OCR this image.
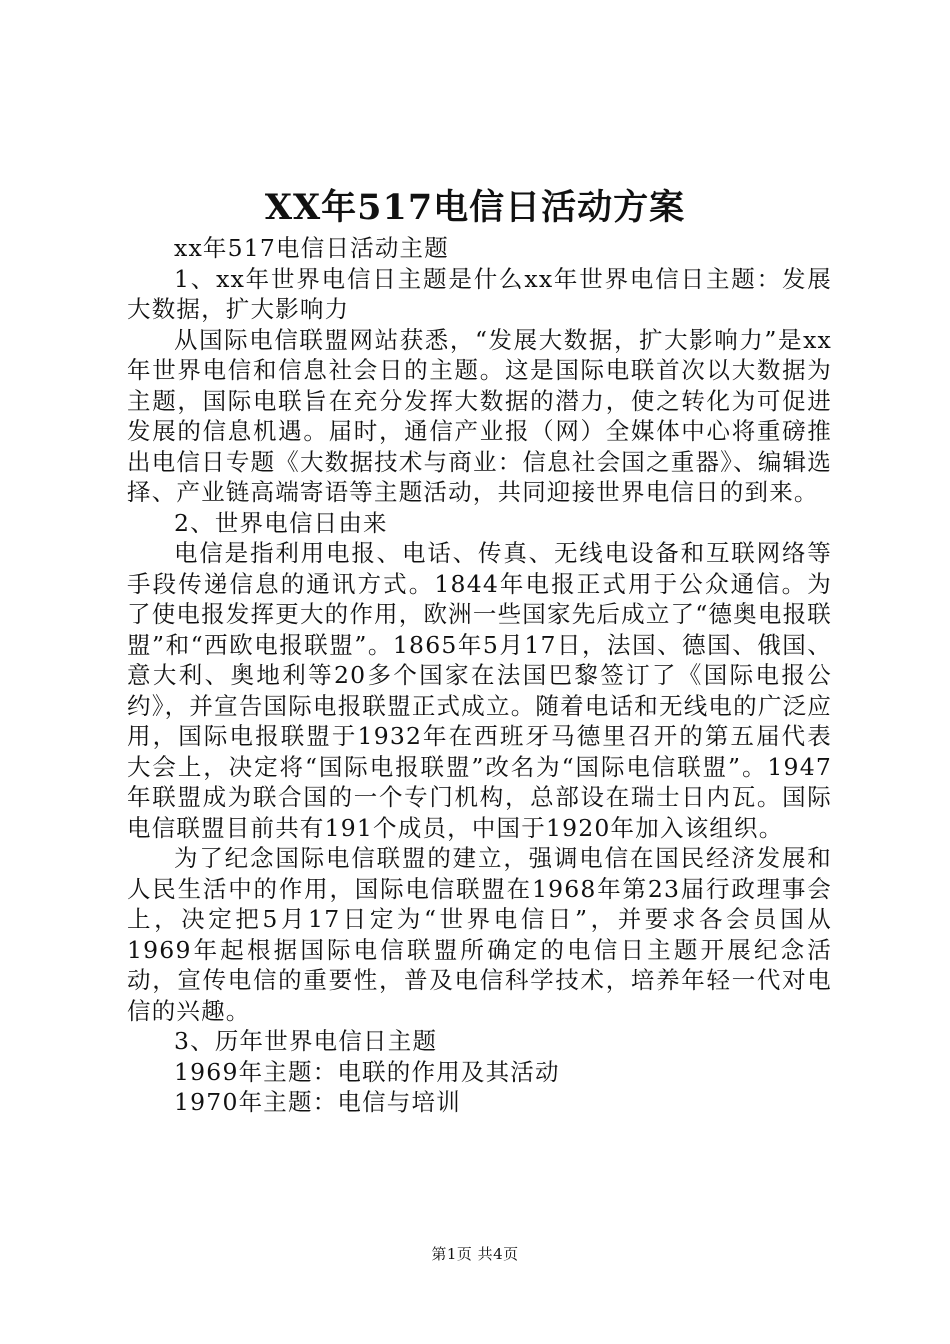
XX年517电信日活动方案

xx年517电信日活动主题

1、xx年世界电信日主题是什么xx年世界电信日主题：发展大数据，扩大影响力

从国际电信联盟网站获悉，“发展大数据，扩大影响力”是xx年世界电信和信息社会日的主题。这是国际电联首次以大数据为主题，国际电联旨在充分发挥大数据的潜力，使之转化为可促进发展的信息机遇。届时，通信产业报（网）全媒体中心将重磅推出电信日专题《大数据技术与商业：信息社会国之重器》、编辑选择、产业链高端寄语等主题活动，共同迎接世界电信日的到来。

2、世界电信日由来

电信是指利用电报、电话、传真、无线电设备和互联网络等手段传递信息的通讯方式。1844年电报正式用于公众通信。为了使电报发挥更大的作用，欧洲一些国家先后成立了“德奥电报联盟”和“西欧电报联盟”。1865年5月17日，法国、德国、俄国、意大利、奥地利等20多个国家在法国巴黎签订了《国际电报公约》，并宣告国际电报联盟正式成立。随着电话和无线电的广泛应用，国际电报联盟于1932年在西班牙马德里召开的第五届代表大会上，决定将“国际电报联盟”改名为“国际电信联盟”。1947年联盟成为联合国的一个专门机构，总部设在瑞士日内瓦。国际电信联盟目前共有191个成员，中国于1920年加入该组织。

为了纪念国际电信联盟的建立，强调电信在国民经济发展和人民生活中的作用，国际电信联盟在1968年第23届行政理事会上，决定把5月17日定为“世界电信日”，并要求各会员国从1969年起根据国际电信联盟所确定的电信日主题开展纪念活动，宣传电信的重要性，普及电信科学技术，培养年轻一代对电信的兴趣。

3、历年世界电信日主题

1969年主题：电联的作用及其活动

1970年主题：电信与培训

第1页 共4页
